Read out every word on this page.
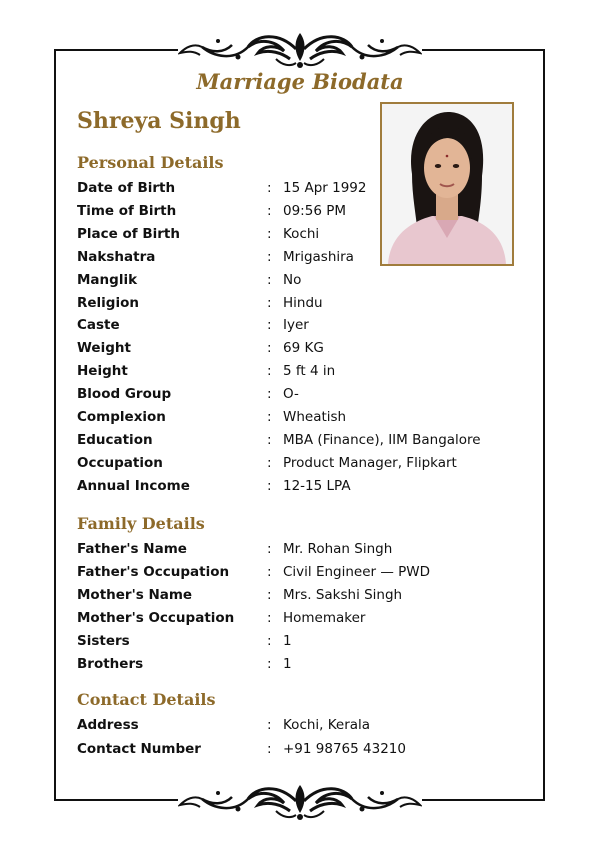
Marriage Biodata
Shreya Singh
Personal Details
Date of Birth	: 15 Apr 1992
Time of Birth	: 09:56 PM
Place of Birth	: Kochi
Nakshatra	: Mrigashira
Manglik	: No
Religion	: Hindu
Caste	: Iyer
Weight	: 69 KG
Height	: 5 ft 4 in
Blood Group	: O-
Complexion	: Wheatish
Education	: MBA (Finance), IIM Bangalore
Occupation	: Product Manager, Flipkart
Annual Income	: 12-15 LPA
Family Details
Father's Name	: Mr. Rohan Singh
Father's Occupation	: Civil Engineer — PWD
Mother's Name	: Mrs. Sakshi Singh
Mother's Occupation : Homemaker
Sisters	: 1
Brothers	: 1
Contact Details
Address	: Kochi, Kerala
Contact Number	: +91 98765 43210
